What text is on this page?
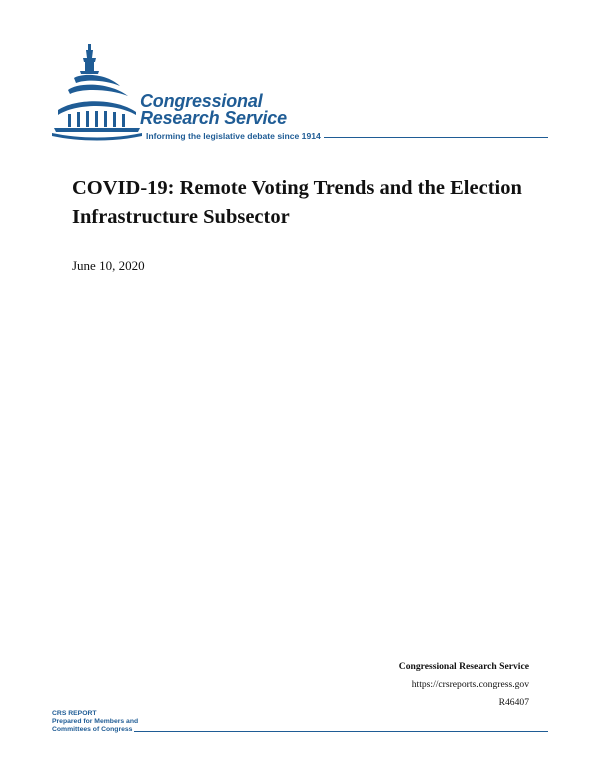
Congressional
Research Service
Informing the legislative debate since 1914
COVID-19: Remote Voting Trends and the Election Infrastructure Subsector
June 10, 2020
Congressional Research Service
https://crsreports.congress.gov
R46407
CRS REPORT
Prepared for Members and
Committees of Congress
